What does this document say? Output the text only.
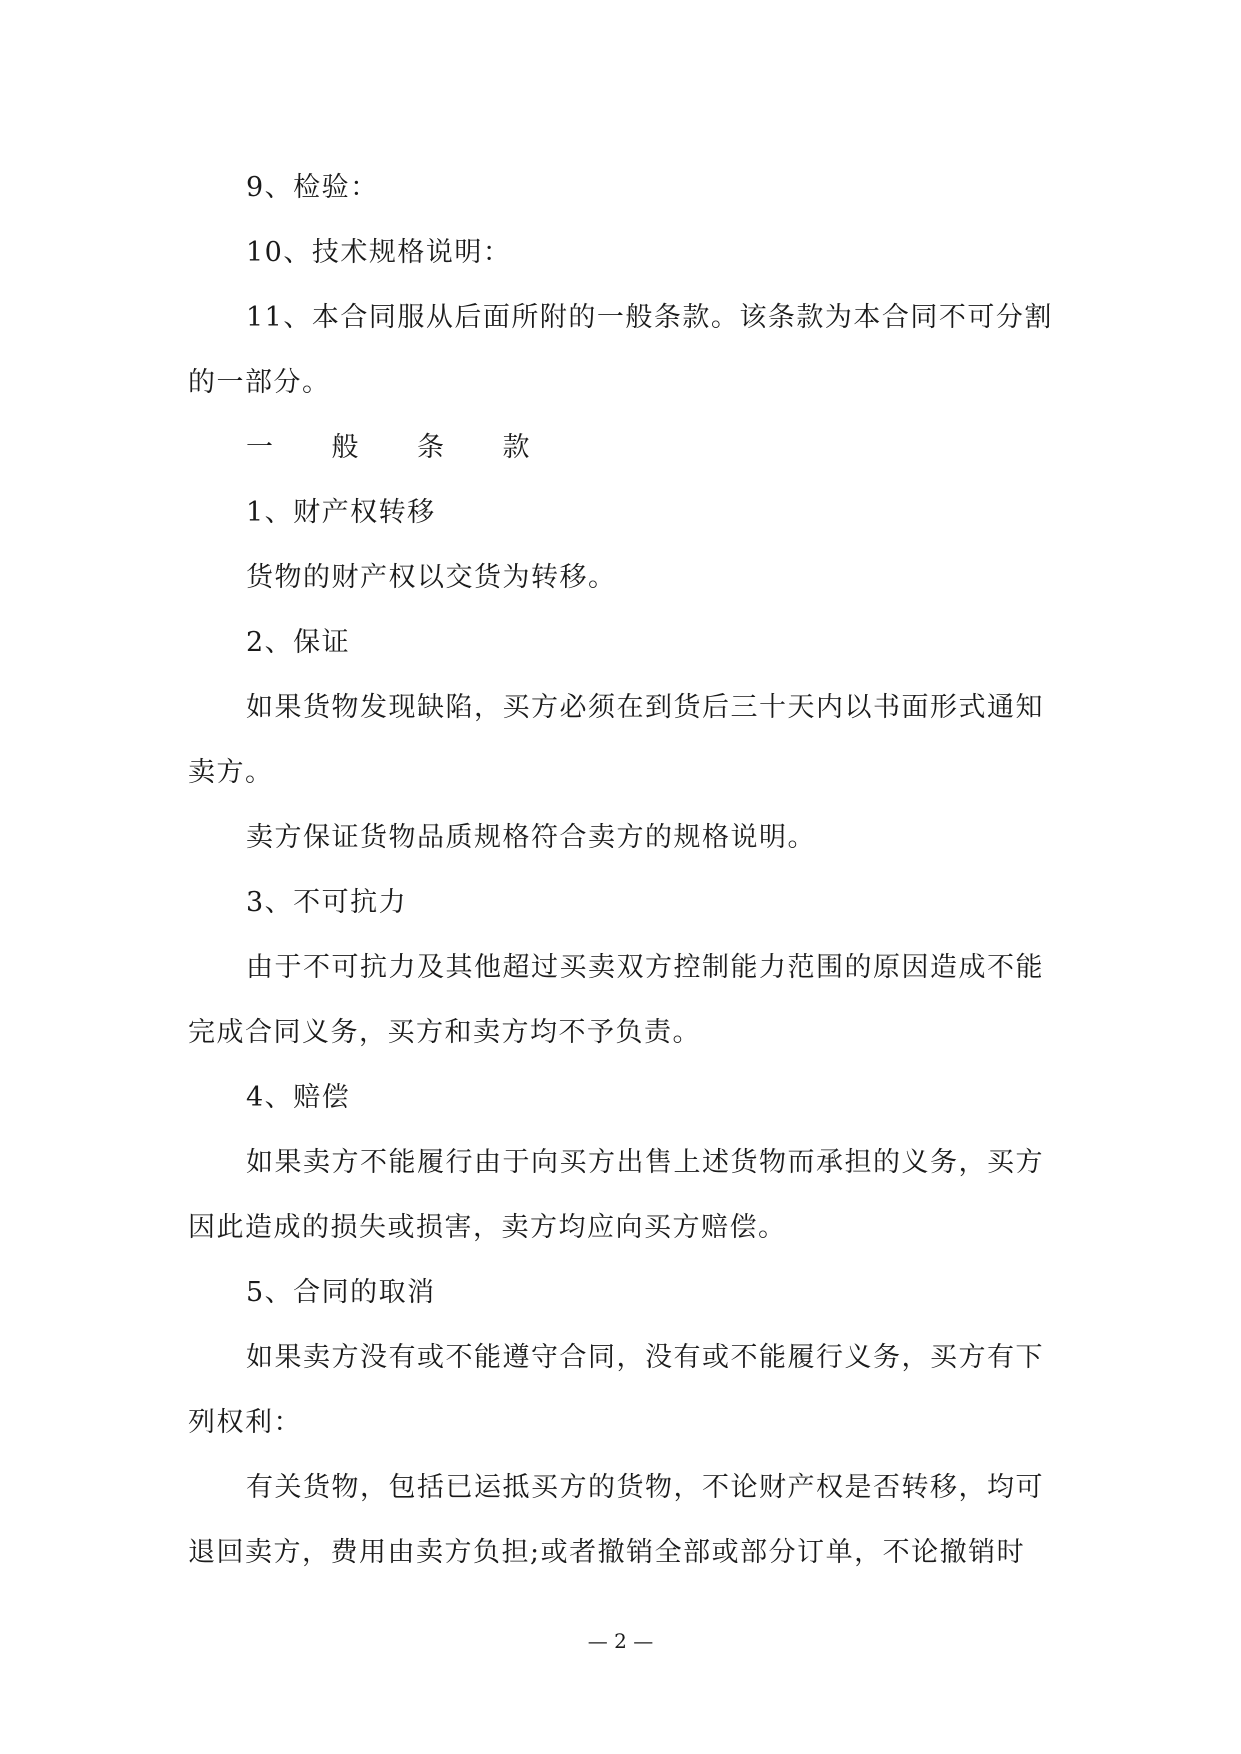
9、检验：

10、技术规格说明：

11、本合同服从后面所附的一般条款。该条款为本合同不可分割的一部分。

一　　般　　条　　款

1、财产权转移

货物的财产权以交货为转移。

2、保证

如果货物发现缺陷，买方必须在到货后三十天内以书面形式通知卖方。

卖方保证货物品质规格符合卖方的规格说明。

3、不可抗力

由于不可抗力及其他超过买卖双方控制能力范围的原因造成不能完成合同义务，买方和卖方均不予负责。

4、赔偿

如果卖方不能履行由于向买方出售上述货物而承担的义务，买方因此造成的损失或损害，卖方均应向买方赔偿。

5、合同的取消

如果卖方没有或不能遵守合同，没有或不能履行义务，买方有下列权利：

有关货物，包括已运抵买方的货物，不论财产权是否转移，均可退回卖方，费用由卖方负担;或者撤销全部或部分订单，不论撤销时

— 2 —
